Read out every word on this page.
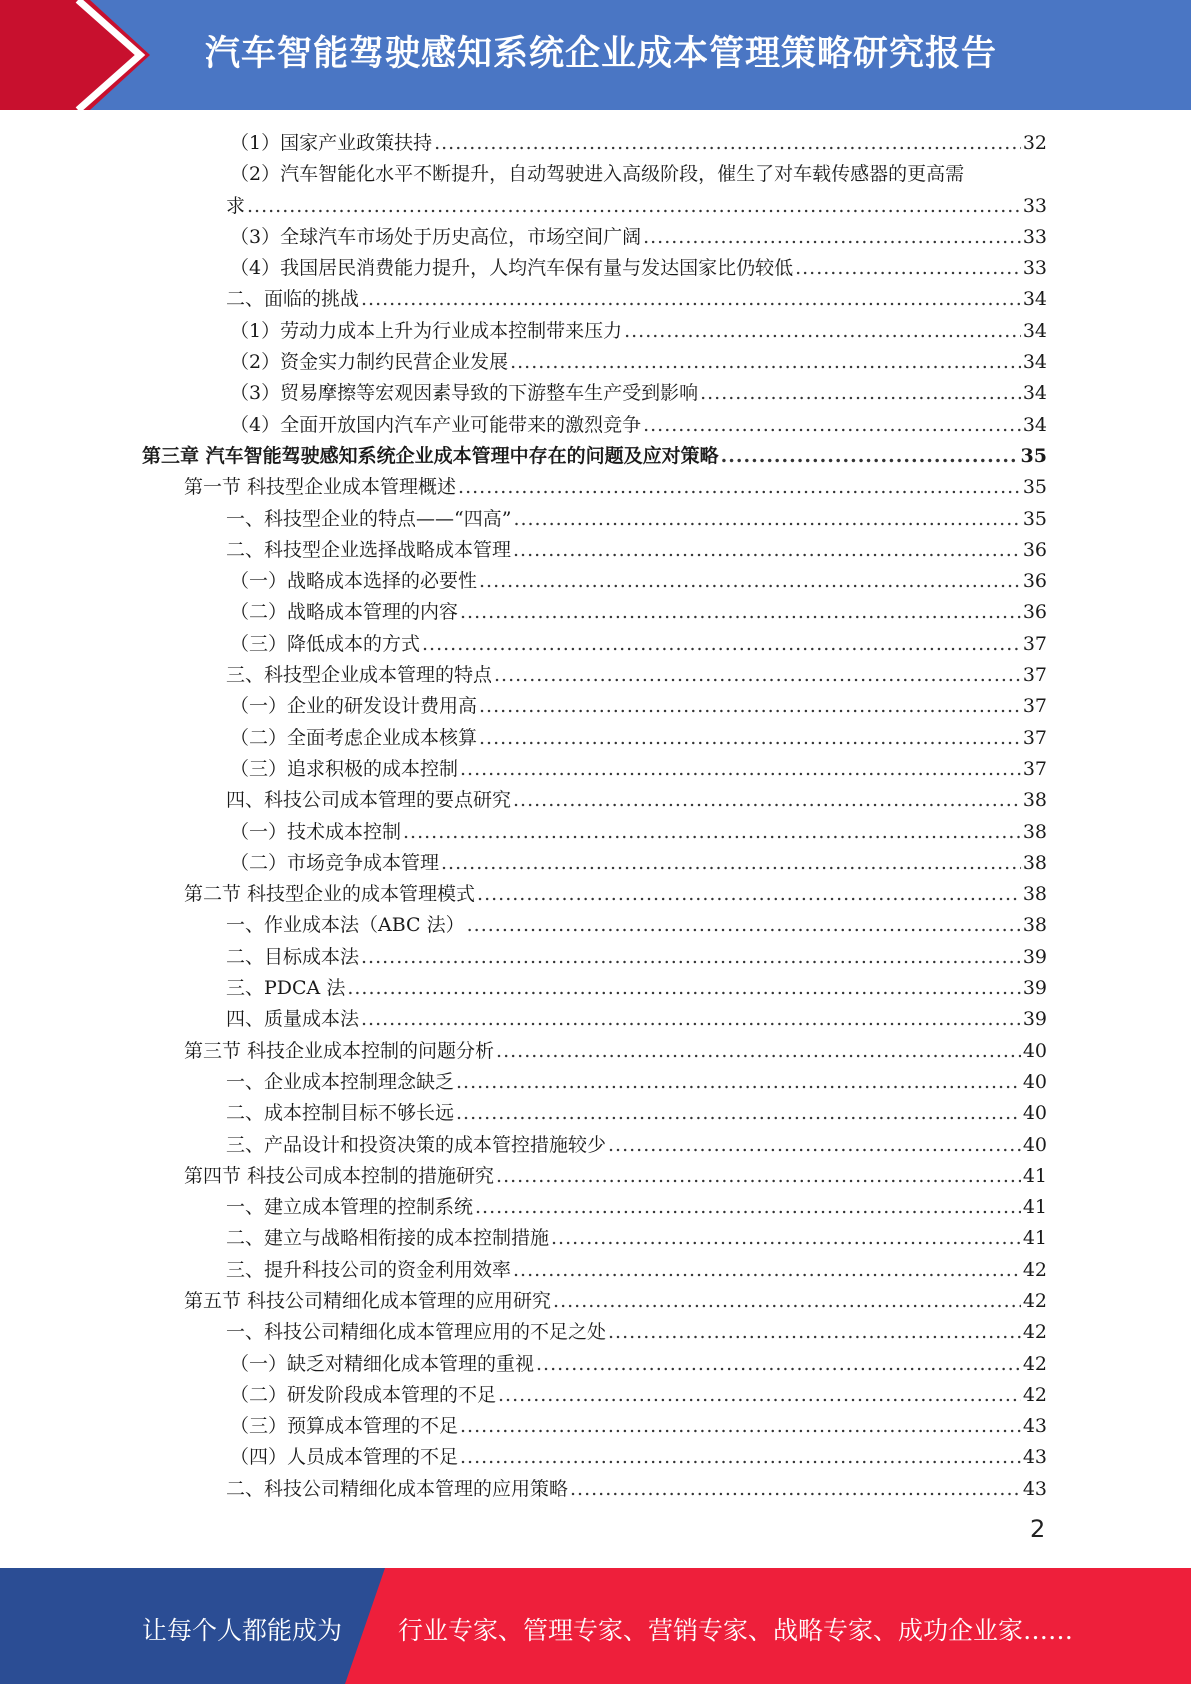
汽车智能驾驶感知系统企业成本管理策略研究报告
（1）国家产业政策扶持 .....	32
（2）汽车智能化水平不断提升，自动驾驶进入高级阶段，催生了对车载传感器的更高需
求 .....	33
（3）全球汽车市场处于历史高位，市场空间广阔 .....	33
（4）我国居民消费能力提升，人均汽车保有量与发达国家比仍较低 .....	33
二、面临的挑战 .....	34
（1）劳动力成本上升为行业成本控制带来压力 .....	34
（2）资金实力制约民营企业发展 .....	34
（3）贸易摩擦等宏观因素导致的下游整车生产受到影响 .....	34
（4）全面开放国内汽车产业可能带来的激烈竞争 .....	34
第三章 汽车智能驾驶感知系统企业成本管理中存在的问题及应对策略 .....	35
第一节 科技型企业成本管理概述 .....	35
一、科技型企业的特点——“四高” .....	35
二、科技型企业选择战略成本管理 .....	36
（一）战略成本选择的必要性 .....	36
（二）战略成本管理的内容 .....	36
（三）降低成本的方式 .....	37
三、科技型企业成本管理的特点 .....	37
（一）企业的研发设计费用高 .....	37
（二）全面考虑企业成本核算 .....	37
（三）追求积极的成本控制 .....	37
四、科技公司成本管理的要点研究 .....	38
（一）技术成本控制 .....	38
（二）市场竞争成本管理 .....	38
第二节 科技型企业的成本管理模式 .....	38
一、作业成本法（ABC 法） .....	38
二、目标成本法 .....	39
三、PDCA 法 .....	39
四、质量成本法 .....	39
第三节 科技企业成本控制的问题分析 .....	40
一、企业成本控制理念缺乏 .....	40
二、成本控制目标不够长远 .....	40
三、产品设计和投资决策的成本管控措施较少 .....	40
第四节 科技公司成本控制的措施研究 .....	41
一、建立成本管理的控制系统 .....	41
二、建立与战略相衔接的成本控制措施 .....	41
三、提升科技公司的资金利用效率 .....	42
第五节 科技公司精细化成本管理的应用研究 .....	42
一、科技公司精细化成本管理应用的不足之处 .....	42
（一）缺乏对精细化成本管理的重视 .....	42
（二）研发阶段成本管理的不足 .....	42
（三）预算成本管理的不足 .....	43
（四）人员成本管理的不足 .....	43
二、科技公司精细化成本管理的应用策略 .....	43
2
让每个人都能成为 行业专家、管理专家、营销专家、战略专家、成功企业家……
